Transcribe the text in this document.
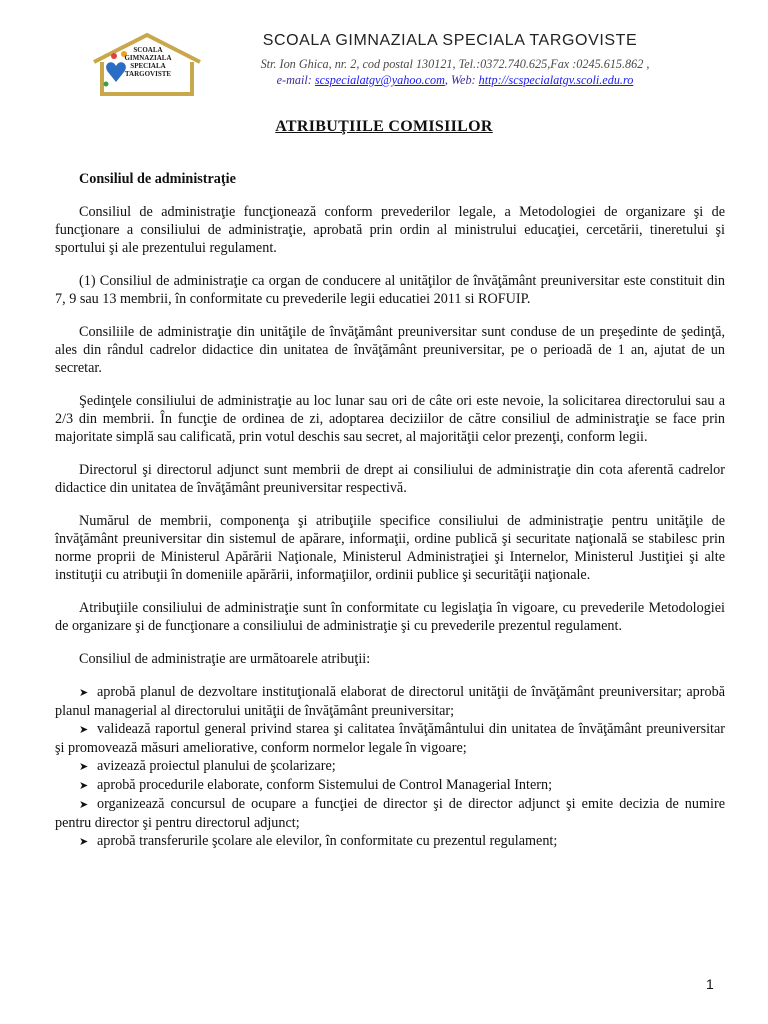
SCOALA
GIMNAZIALA
SPECIALA
TARGOVISTE
SCOALA GIMNAZIALA SPECIALA TARGOVISTE
Str. Ion Ghica, nr. 2, cod postal 130121, Tel.:0372.740.625,Fax :0245.615.862 ,
e-mail: scspecialatgv@yahoo.com, Web: http://scspecialatgv.scoli.edu.ro
ATRIBUŢIILE COMISIILOR

Consiliul de administraţie

Consiliul de administraţie funcţionează conform prevederilor legale, a Metodologiei de organizare şi de funcţionare a consiliului de administraţie, aprobată prin ordin al ministrului educaţiei, cercetării, tineretului şi sportului şi ale prezentului regulament.

(1) Consiliul de administraţie ca organ de conducere al unităţilor de învăţământ preuniversitar este constituit din 7, 9 sau 13 membrii, în conformitate cu prevederile legii educatiei 2011 si ROFUIP.

Consiliile de administraţie din unităţile de învăţământ preuniversitar sunt conduse de un preşedinte de şedinţă, ales din rândul cadrelor didactice din unitatea de învăţământ preuniversitar, pe o perioadă de 1 an, ajutat de un secretar.

Şedinţele consiliului de administraţie au loc lunar sau ori de câte ori este nevoie, la solicitarea directorului sau a 2/3 din membrii. În funcţie de ordinea de zi, adoptarea deciziilor de către consiliul de administraţie se face prin majoritate simplă sau calificată, prin votul deschis sau secret, al majorităţii celor prezenţi, conform legii.

Directorul şi directorul adjunct sunt membrii de drept ai consiliului de administraţie din cota aferentă cadrelor didactice din unitatea de învăţământ preuniversitar respectivă.

Numărul de membrii, componenţa şi atribuţiile specifice consiliului de administraţie pentru unităţile de învăţământ preuniversitar din sistemul de apărare, informaţii, ordine publică şi securitate naţională se stabilesc prin norme proprii de Ministerul Apărării Naţionale, Ministerul Administraţiei şi Internelor, Ministerul Justiţiei şi alte instituţii cu atribuţii în domeniile apărării, informaţiilor, ordinii publice şi securităţii naţionale.

Atribuţiile consiliului de administraţie sunt în conformitate cu legislaţia în vigoare, cu prevederile Metodologiei de organizare şi de funcţionare a consiliului de administraţie şi cu prevederile prezentul regulament.

Consiliul de administraţie are următoarele atribuţii:

➤ aprobă planul de dezvoltare instituţională elaborat de directorul unităţii de învăţământ preuniversitar; aprobă planul managerial al directorului unităţii de învăţământ preuniversitar;
➤ validează raportul general privind starea şi calitatea învăţământului din unitatea de învăţământ preuniversitar şi promovează măsuri ameliorative, conform normelor legale în vigoare;
➤ avizează proiectul planului de şcolarizare;
➤ aprobă procedurile elaborate, conform Sistemului de Control Managerial Intern;
➤ organizează concursul de ocupare a funcţiei de director şi de director adjunct şi emite decizia de numire pentru director şi pentru directorul adjunct;
➤ aprobă transferurile şcolare ale elevilor, în conformitate cu prezentul regulament;
1
